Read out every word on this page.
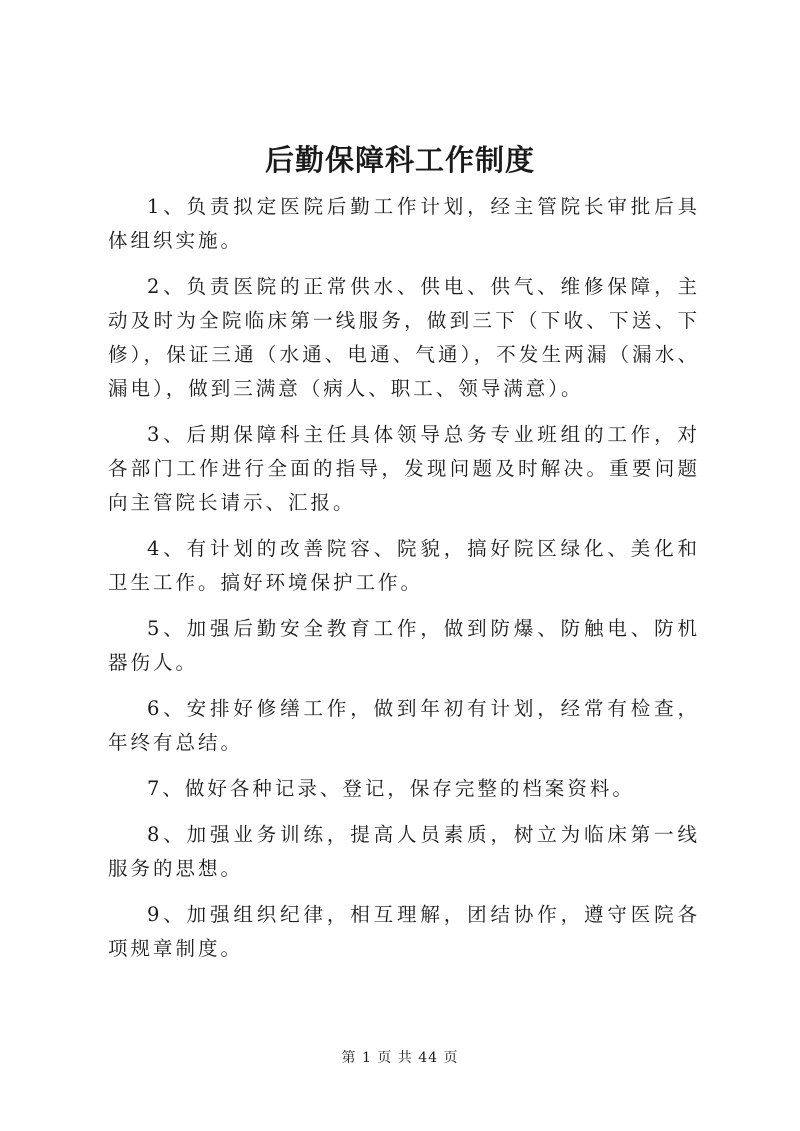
后勤保障科工作制度

1、负责拟定医院后勤工作计划，经主管院长审批后具体组织实施。

2、负责医院的正常供水、供电、供气、维修保障，主动及时为全院临床第一线服务，做到三下（下收、下送、下修），保证三通（水通、电通、气通），不发生两漏（漏水、漏电），做到三满意（病人、职工、领导满意）。

3、后期保障科主任具体领导总务专业班组的工作，对各部门工作进行全面的指导，发现问题及时解决。重要问题向主管院长请示、汇报。

4、有计划的改善院容、院貌，搞好院区绿化、美化和卫生工作。搞好环境保护工作。

5、加强后勤安全教育工作，做到防爆、防触电、防机器伤人。

6、安排好修缮工作，做到年初有计划，经常有检查，年终有总结。

7、做好各种记录、登记，保存完整的档案资料。

8、加强业务训练，提高人员素质，树立为临床第一线服务的思想。

9、加强组织纪律，相互理解，团结协作，遵守医院各项规章制度。

第 1 页 共 44 页
